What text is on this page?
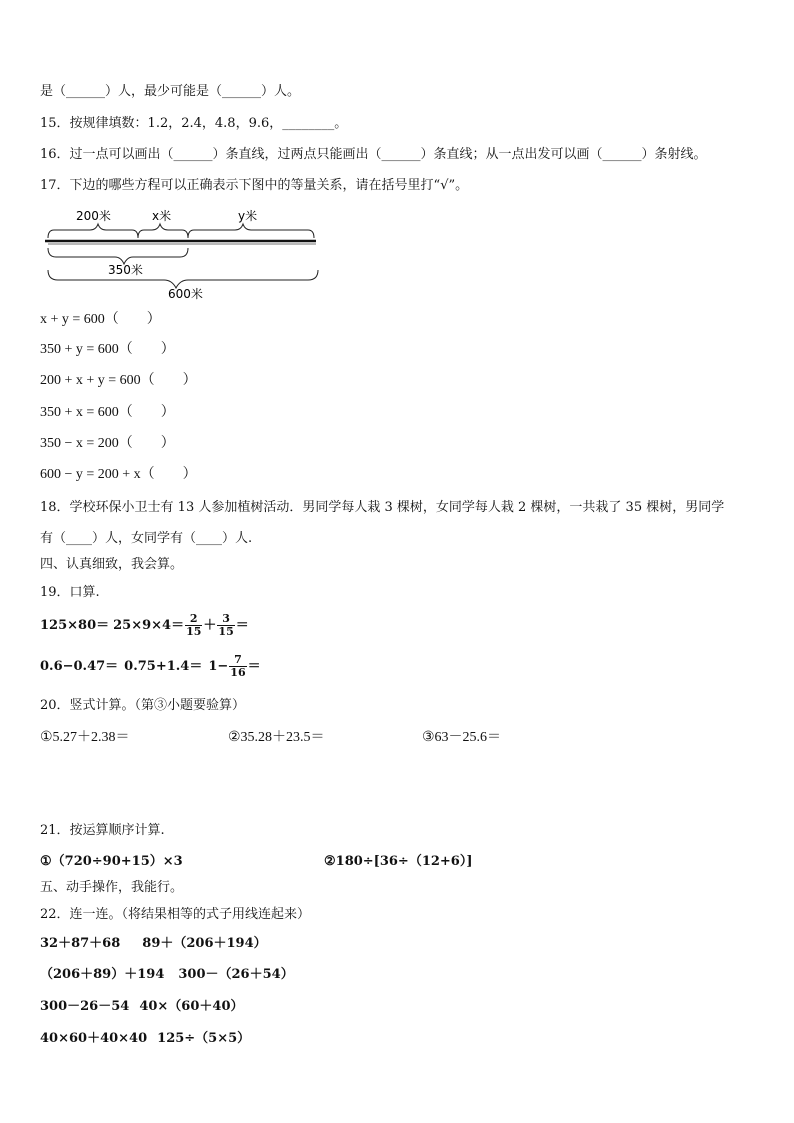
是（______）人，最少可能是（______）人。
15．按规律填数：1.2，2.4，4.8，9.6，________。
16．过一点可以画出（______）条直线，过两点只能画出（______）条直线；从一点出发可以画（______）条射线。
17．下边的哪些方程可以正确表示下图中的等量关系，请在括号里打“√”。
200米	x米	y米
350米
600米
x + y = 600（　　）
350 + y = 600（　　）
200 + x + y = 600（　　）
350 + x = 600（　　）
350 − x = 200（　　）
600 − y = 200 + x（　　）
18．学校环保小卫士有 13 人参加植树活动．男同学每人栽 3 棵树，女同学每人栽 2 棵树，一共栽了 35 棵树，男同学
有（____）人，女同学有（____）人.
四、认真细致，我会算。
19．口算.
$125\times 80= 25\times 9\times 4= \frac{2}{15} + \frac{3}{15}$ ＝
$0.6-0.47= 0.75+1.4= 1- \frac{7}{16}$ ＝
20．竖式计算。（第③小题要验算）
①5.27＋2.38＝	②35.28＋23.5＝	③63－25.6＝
21．按运算顺序计算.
①（720÷90+15）×3	②180÷[36÷（12+6）]
五、动手操作，我能行。
22．连一连。（将结果相等的式子用线连起来）
32＋87＋68 89＋（206＋194）
（206＋89）＋194 300－（26＋54）
300－26－54 40×（60＋40）
40×60＋40×40 125÷（5×5）
